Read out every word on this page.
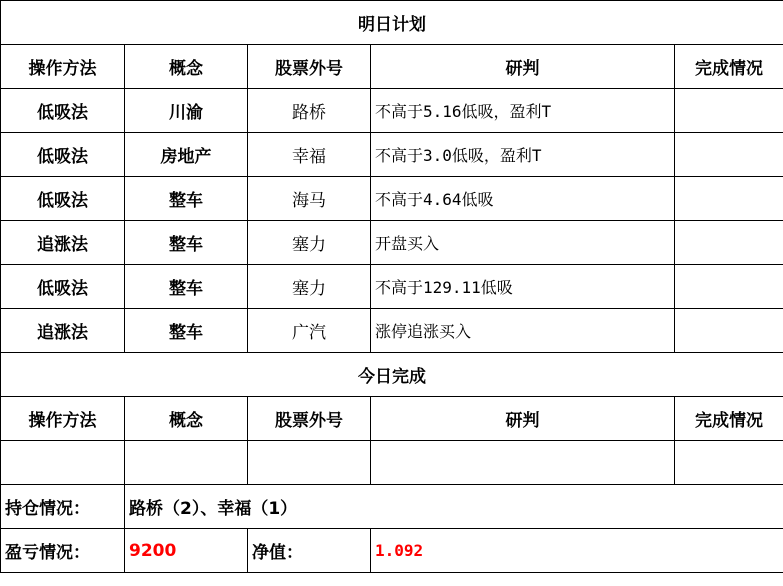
明日计划				
操作方法	概念	股票外号	研判	完成情况
低吸法	川渝	路桥	不高于5.16低吸，盈利T	
低吸法	房地产	幸福	不高于3.0低吸，盈利T	
低吸法	整车	海马	不高于4.64低吸	
追涨法	整车	塞力	开盘买入	
低吸法	整车	塞力	不高于129.11低吸	
追涨法	整车	广汽	涨停追涨买入	
今日完成				
操作方法	概念	股票外号	研判	完成情况

持仓情况：	路桥（2）、幸福（1）			
盈亏情况：	9200	净值：	1.092	
